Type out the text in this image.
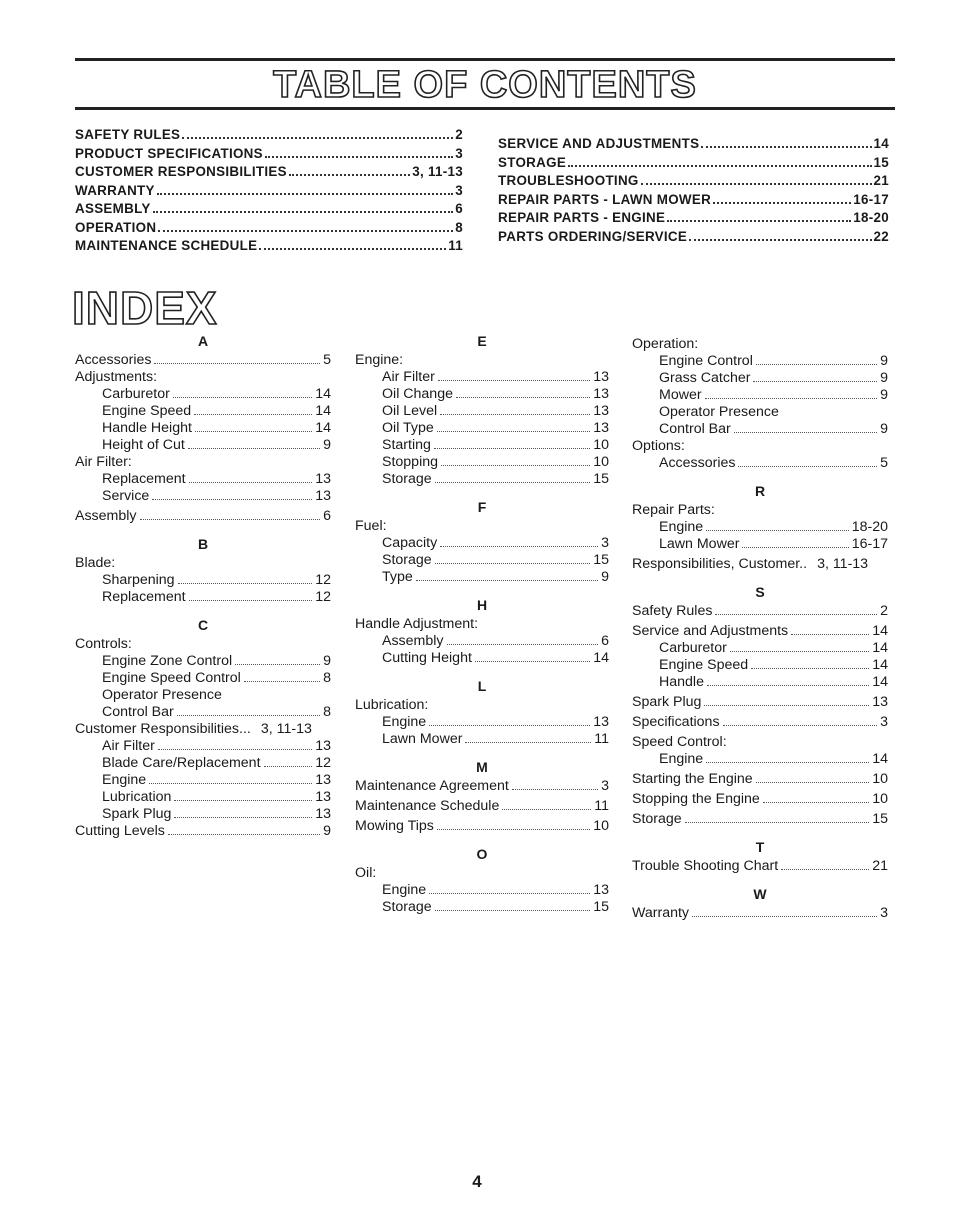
TABLE OF CONTENTS
SAFETY RULES	2
PRODUCT SPECIFICATIONS	3
CUSTOMER RESPONSIBILITIES	3, 11-13
WARRANTY	3
ASSEMBLY	6
OPERATION	8
MAINTENANCE SCHEDULE	11
SERVICE AND ADJUSTMENTS	14
STORAGE	15
TROUBLESHOOTING	21
REPAIR PARTS - LAWN MOWER	16-17
REPAIR PARTS - ENGINE	18-20
PARTS ORDERING/SERVICE	22
INDEX
A
Accessories	5
Adjustments:
Carburetor	14
Engine Speed	14
Handle Height	14
Height of Cut	9
Air Filter:
Replacement	13
Service	13
Assembly	6
B
Blade:
Sharpening	12
Replacement	12
C
Controls:
Engine Zone Control	9
Engine Speed Control	8
Operator Presence
Control Bar	8
Customer Responsibilities... 3, 11-13
Air Filter	13
Blade Care/Replacement	12
Engine	13
Lubrication	13
Spark Plug	13
Cutting Levels	9
E
Engine:
Air Filter	13
Oil Change	13
Oil Level	13
Oil Type	13
Starting	10
Stopping	10
Storage	15
F
Fuel:
Capacity	3
Storage	15
Type	9
H
Handle Adjustment:
Assembly	6
Cutting Height	14
L
Lubrication:
Engine	13
Lawn Mower	11
M
Maintenance Agreement	3
Maintenance Schedule	11
Mowing Tips	10
O
Oil:
Engine	13
Storage	15
Operation:
Engine Control	9
Grass Catcher	9
Mower	9
Operator Presence
Control Bar	9
Options:
Accessories	5
R
Repair Parts:
Engine	18-20
Lawn Mower	16-17
Responsibilities, Customer.. 3, 11-13
S
Safety Rules	2
Service and Adjustments	14
Carburetor	14
Engine Speed	14
Handle	14
Spark Plug	13
Specifications	3
Speed Control:
Engine	14
Starting the Engine	10
Stopping the Engine	10
Storage	15
T
Trouble Shooting Chart	21
W
Warranty	3
4
